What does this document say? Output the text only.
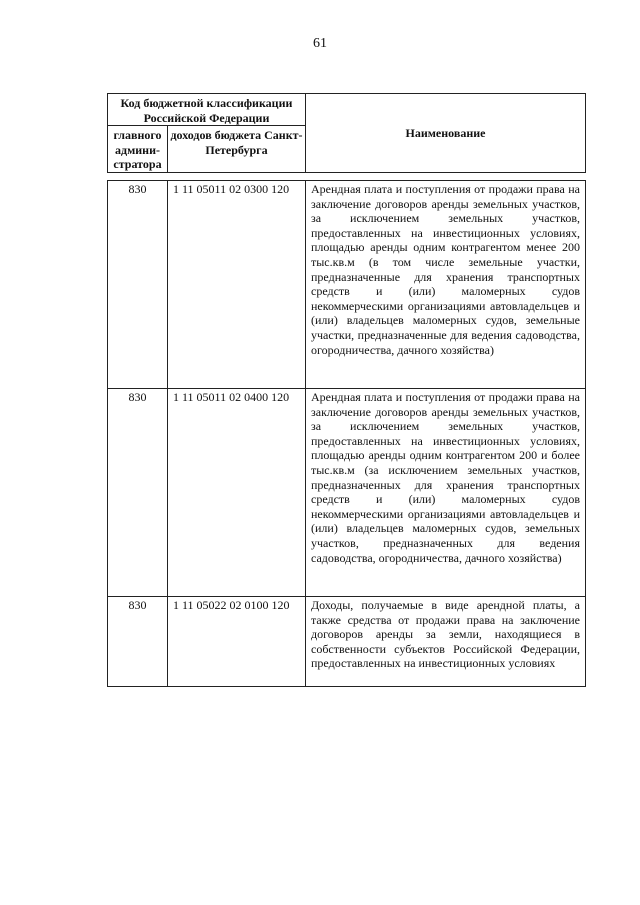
61
Код бюджетной классификации Российской Федерации		Наименование
главного админи-стратора	доходов бюджета Санкт-Петербурга	
830	1 11 05011 02 0300 120	Арендная плата и поступления от продажи права на заключение договоров аренды земельных участков, за исключением земельных участков, предоставленных на инвестиционных условиях, площадью аренды одним контрагентом менее 200 тыс.кв.м (в том числе земельные участки, предназначенные для хранения транспортных средств и (или) маломерных судов некоммерческими организациями автовладельцев и (или) владельцев маломерных судов, земельные участки, предназначенные для ведения садоводства, огородничества, дачного хозяйства)
830	1 11 05011 02 0400 120	Арендная плата и поступления от продажи права на заключение договоров аренды земельных участков, за исключением земельных участков, предоставленных на инвестиционных условиях, площадью аренды одним контрагентом 200 и более тыс.кв.м (за исключением земельных участков, предназначенных для хранения транспортных средств и (или) маломерных судов некоммерческими организациями автовладельцев и (или) владельцев маломерных судов, земельных участков, предназначенных для ведения садоводства, огородничества, дачного хозяйства)
830	1 11 05022 02 0100 120	Доходы, получаемые в виде арендной платы, а также средства от продажи права на заключение договоров аренды за земли, находящиеся в собственности субъектов Российской Федерации, предоставленных на инвестиционных условиях
